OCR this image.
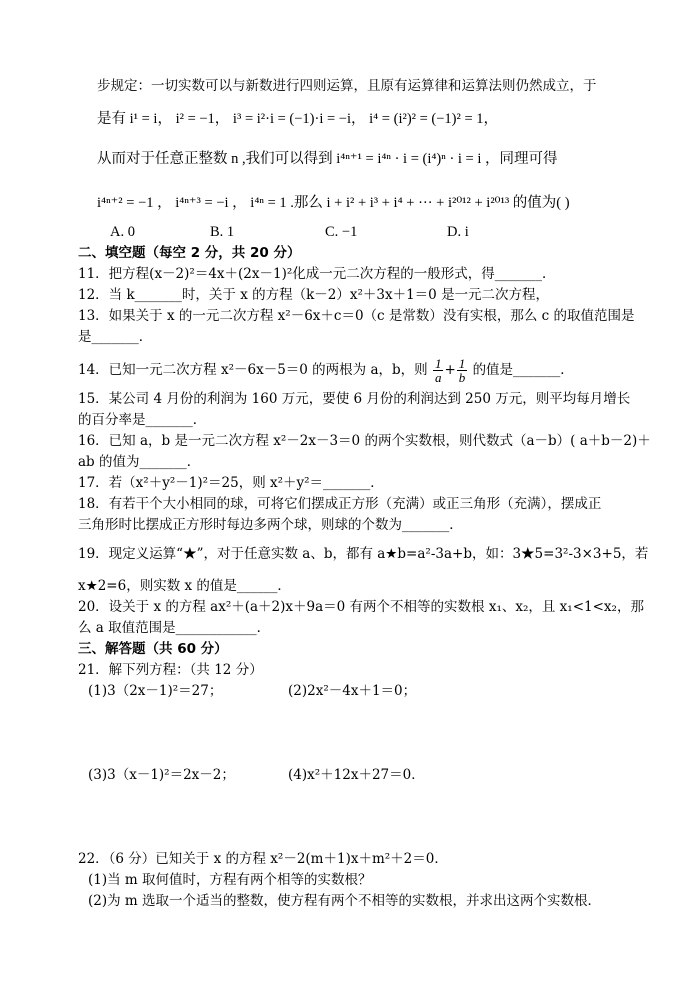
步规定：一切实数可以与新数进行四则运算，且原有运算律和运算法则仍然成立，于
是有 i¹ = i， i² = −1， i³ = i²·i = (−1)·i = −i， i⁴ = (i²)² = (−1)² = 1，
从而对于任意正整数 n ,我们可以得到 i⁴ⁿ⁺¹ = i⁴ⁿ · i = (i⁴)ⁿ · i = i ，同理可得
i⁴ⁿ⁺² = −1 ， i⁴ⁿ⁺³ = −i ， i⁴ⁿ = 1 .那么 i + i² + i³ + i⁴ + ··· + i²⁰¹² + i²⁰¹³ 的值为( )
A. 0	B. 1	C. −1	D. i
二、填空题（每空 2 分，共 20 分）
11．把方程(x－2)²＝4x＋(2x－1)²化成一元二次方程的一般形式，得_______．
12．当 k_______时，关于 x 的方程（k－2）x²＋3x＋1＝0 是一元二次方程，
13．如果关于 x 的一元二次方程 x²－6x＋c＝0（c 是常数）没有实根，那么 c 的取值范围是
是_______．
14．已知一元二次方程 x²－6x－5＝0 的两根为 a，b，则 $\frac{1}{a} + \frac{1}{b}$ 的值是_______．
15．某公司 4 月份的利润为 160 万元，要使 6 月份的利润达到 250 万元，则平均每月增长
的百分率是_______．
16．已知 a，b 是一元二次方程 x²－2x－3＝0 的两个实数根，则代数式（a－b）( a＋b－2)＋
ab 的值为_______．
17．若（x²＋y²－1)²＝25，则 x²＋y²＝_______．
18．有若干个大小相同的球，可将它们摆成正方形（充满）或正三角形（充满），摆成正
三角形时比摆成正方形时每边多两个球，则球的个数为_______．
19．现定义运算“★”，对于任意实数 a、b，都有 a★b=a²-3a+b，如：3★5=3²-3×3+5，若
x★2=6，则实数 x 的值是______．
20．设关于 x 的方程 ax²＋(a＋2)x＋9a＝0 有两个不相等的实数根 x₁、x₂，且 x₁<1<x₂，那
么 a 取值范围是____________．
三、解答题（共 60 分）
21．解下列方程：（共 12 分）
(1)3（2x－1)²＝27；	(2)2x²－4x＋1＝0；
(3)3（x－1)²＝2x－2；	(4)x²＋12x＋27＝0．
22．（6 分）已知关于 x 的方程 x²－2(m＋1)x＋m²＋2＝0．
(1)当 m 取何值时，方程有两个相等的实数根？
(2)为 m 选取一个适当的整数，使方程有两个不相等的实数根，并求出这两个实数根．
